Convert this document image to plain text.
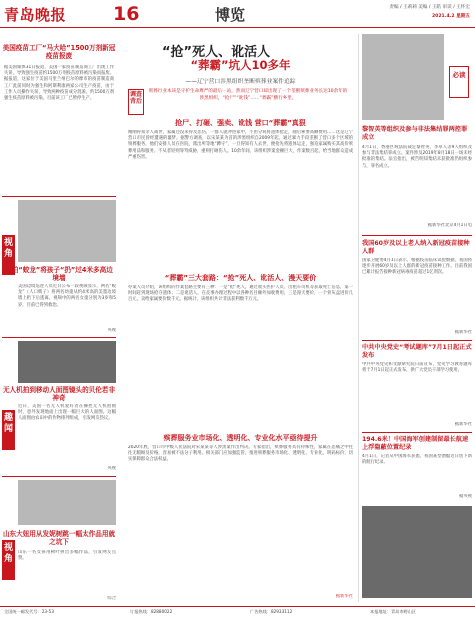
青岛晚报 16	博览	责编 / 王莉莉 美编 / 王皓 审读 / 王怀宏
2021.4.2 星期五
美国疫苗工厂“马大哈”1500万剂新冠疫苗报废
据美国媒体31日报道，美国一家疫苗制造商工厂出现工作失误，导致强生疫苗约1500万剂疫苗原料被污染而报废。据报道，这家位于美国马里兰州巴尔的摩市的疫苗制造商工厂此前同时为强生和阿斯利康两家公司生产疫苗，由于工作人员操作失误，导致两种疫苗成分混淆，约1500万剂强生疫苗原料被污染。目前该工厂已暂停生产。
视角
实拍“蛟龙”将孩子“扔”过4米多高边境墙
美国边境巡逻人员近日公布一段视频显示，两名“蛟龙”（人口贩子）将两名幼童从约4米高的美墨边境墙上扔下后逃离。视频中的两名女童分别为3岁和5岁，目前已得到救治。
央视
无人机拍到移动人面图镜头的贝伦若非神奇
趣闻
近日，美国一名无人机爱好者在操控无人机拍摄时，意外发现地面上出现一幅巨大的人面图。这幅人面图由农田中的作物排列组成，引发网友热议。
央视
视角
山东大妞用从发妮树跳一幅太作品用就之坑下
山东一名女孩用树叶拼出多幅作品，引发网友点赞。
综合
“抢”死人、讹活人
“葬霸”坑人10多年
——辽宁营口涉黑组织垄断殡葬业案件追踪
调查背后
殡葬行业本该是守护生命尊严的最后一站，然而辽宁营口却出现了一个垄断殡葬业务长达10余年的涉黑组织，“抢尸”“讹钱”……“葬霸”横行乡里。
抢尸、打砸、强卖、讹钱 营口“葬霸”真狠
刚刚得知亲人离世，家属还没来得及悲伤，一群人就冲进家中，不由分说将遗体抢走，随后索要高额费用……这是辽宁营口市民曾经遭遇的噩梦。据警方调查，以宋某某为首的涉黑组织自2009年起，通过暴力手段垄断了营口多个区域的殡葬服务，他们安排人员在医院、派出所等地“蹲守”，一旦得知有人去世，便抢先将遗体运走，强迫家属购买其高价殡葬用品和服务。不从者轻则辱骂威胁，重则打砸伤人。10余年间，该组织涉案金额巨大，作案数百起，给当地群众造成严重伤害。
“葬霸”三大套路：“抢”死人、讹活人、漫天要价
办案人员介绍，该组织的作案套路主要有三种：一是“抢”死人，通过收买医护人员、出租车司机等获取死亡信息，第一时间赶到现场抢夺遗体；二是讹活人，在丧事办理过程中以各种名目额外加收费用；三是漫天要价，一个骨灰盒进价几百元，卖给家属要价数千元。据统计，该组织共计非法获利数千万元。
殡葬服务业市场化、透明化、专业化水平亟待提升
2020年底，营口市中级人民法院对宋某某等人涉黑案作出判决。专家指出，殡葬服务具有特殊性，家属在悲痛之中往往无暇顾及价格，容易被不法分子利用。相关部门应加强监管，推进殡葬服务市场化、透明化、专业化，明码标价，切实保障群众合法权益。
据新华社
必读
黎智英等组织及参与非法集结罪两控罪成立
4月1日，香港区域法院裁定黎智英、李卓人等9人组织及参与非法集结罪成立。案件涉及2019年8月18日一场未经批准的集结。法官指出，被告明知集结未获批准仍组织参与，罪名成立。
据新华社北京4月1日电
我国60岁及以上老人纳入新冠疫苗接种人群
国家卫健委4月1日表示，根据疫苗临床试验数据，我国将逐步开展60岁及以上人群的新冠疫苗接种工作。目前我国已累计报告接种新冠病毒疫苗超过1亿剂次。
据新华社
中共中央党史“考试题库”7月1日起正式发布
中共中央党史和文献研究院日前宣布，党史学习教育题库将于7月1日起正式发布，供广大党员干部学习使用。
据新华社
194.6米！中国海军创建制留最长航速上浮隐蔽位置纪录
4月1日，记者从中国海军获悉，我国某型潜艇近日创下新的航行纪录。
据央视
全国统一邮发代号：23-53	订报热线：82880022	广告热线：82933112	本报地址：青岛市崂山区
